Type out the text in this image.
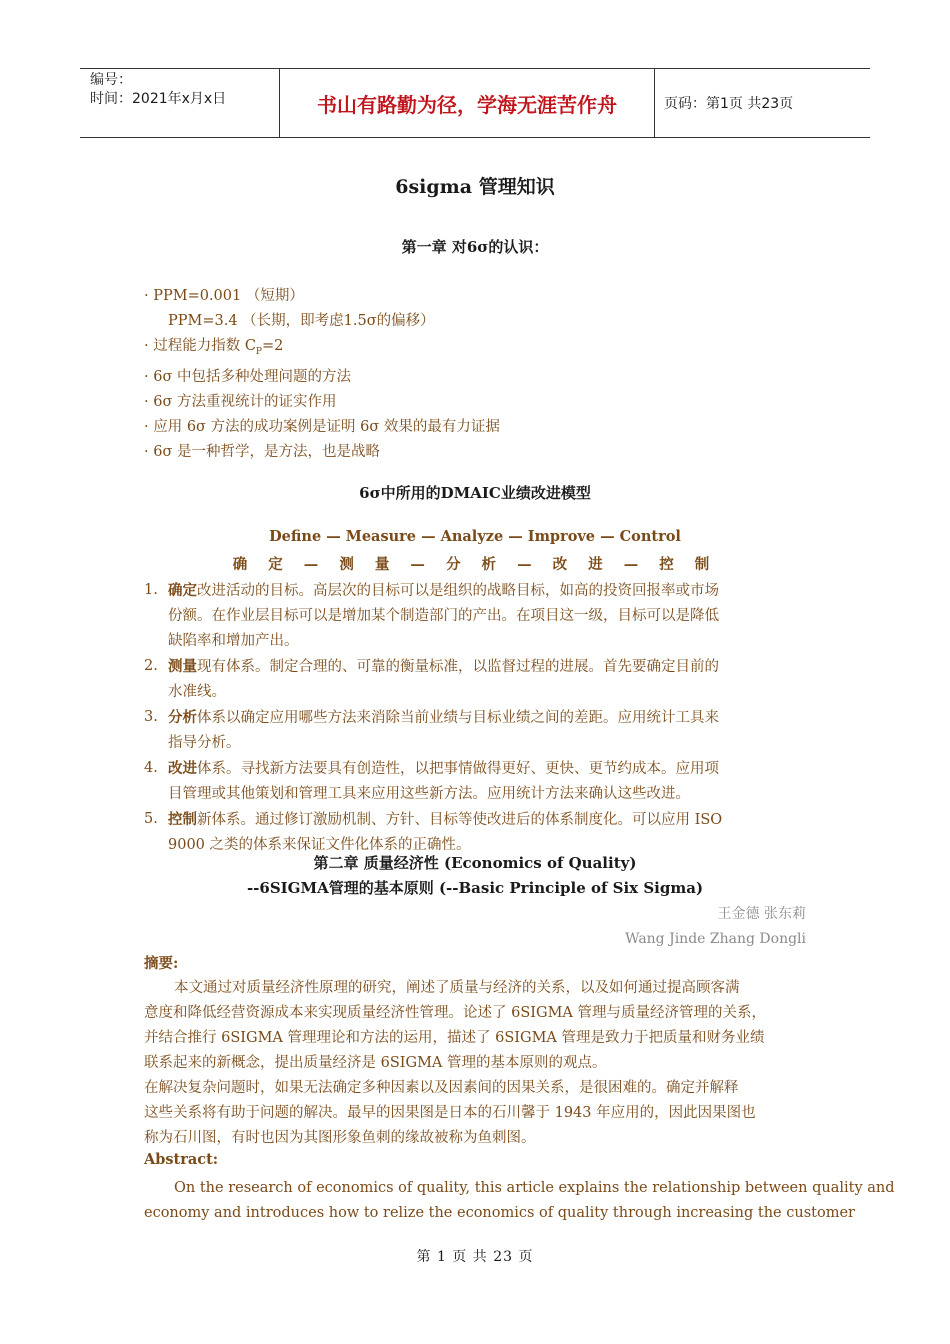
编号：
时间：2021年x月x日	书山有路勤为径，学海无涯苦作舟	页码：第1页 共23页
6sigma 管理知识
第一章 对6σ的认识：
· PPM=0.001 （短期）
PPM=3.4 （长期，即考虑1.5σ的偏移）
· 过程能力指数 $C_P=2$
· 6σ 中包括多种处理问题的方法
· 6σ 方法重视统计的证实作用
· 应用 6σ 方法的成功案例是证明 6σ 效果的最有力证据
· 6σ 是一种哲学，是方法，也是战略
6σ中所用的DMAIC业绩改进模型
Define — Measure — Analyze — Improve — Control
确 定 — 测 量 — 分 析 — 改 进 — 控 制
1. 确定改进活动的目标。高层次的目标可以是组织的战略目标，如高的投资回报率或市场
份额。在作业层目标可以是增加某个制造部门的产出。在项目这一级，目标可以是降低
缺陷率和增加产出。
2. 测量现有体系。制定合理的、可靠的衡量标准，以监督过程的进展。首先要确定目前的
水准线。
3. 分析体系以确定应用哪些方法来消除当前业绩与目标业绩之间的差距。应用统计工具来
指导分析。
4. 改进体系。寻找新方法要具有创造性，以把事情做得更好、更快、更节约成本。应用项
目管理或其他策划和管理工具来应用这些新方法。应用统计方法来确认这些改进。
5. 控制新体系。通过修订激励机制、方针、目标等使改进后的体系制度化。可以应用 ISO
9000 之类的体系来保证文件化体系的正确性。
第二章 质量经济性 (Economics of Quality)
--6SIGMA管理的基本原则 (--Basic Principle of Six Sigma)
王金德 张东莉
Wang Jinde Zhang Dongli
摘要:
本文通过对质量经济性原理的研究，阐述了质量与经济的关系，以及如何通过提高顾客满
意度和降低经营资源成本来实现质量经济性管理。论述了 6SIGMA 管理与质量经济管理的关系，
并结合推行 6SIGMA 管理理论和方法的运用，描述了 6SIGMA 管理是致力于把质量和财务业绩
联系起来的新概念，提出质量经济是 6SIGMA 管理的基本原则的观点。
在解决复杂问题时，如果无法确定多种因素以及因素间的因果关系，是很困难的。确定并解释
这些关系将有助于问题的解决。最早的因果图是日本的石川馨于 1943 年应用的，因此因果图也
称为石川图，有时也因为其图形象鱼刺的缘故被称为鱼刺图。
Abstract:
On the research of economics of quality, this article explains the relationship between quality and
economy and introduces how to relize the economics of quality through increasing the customer
第 1 页 共 23 页
